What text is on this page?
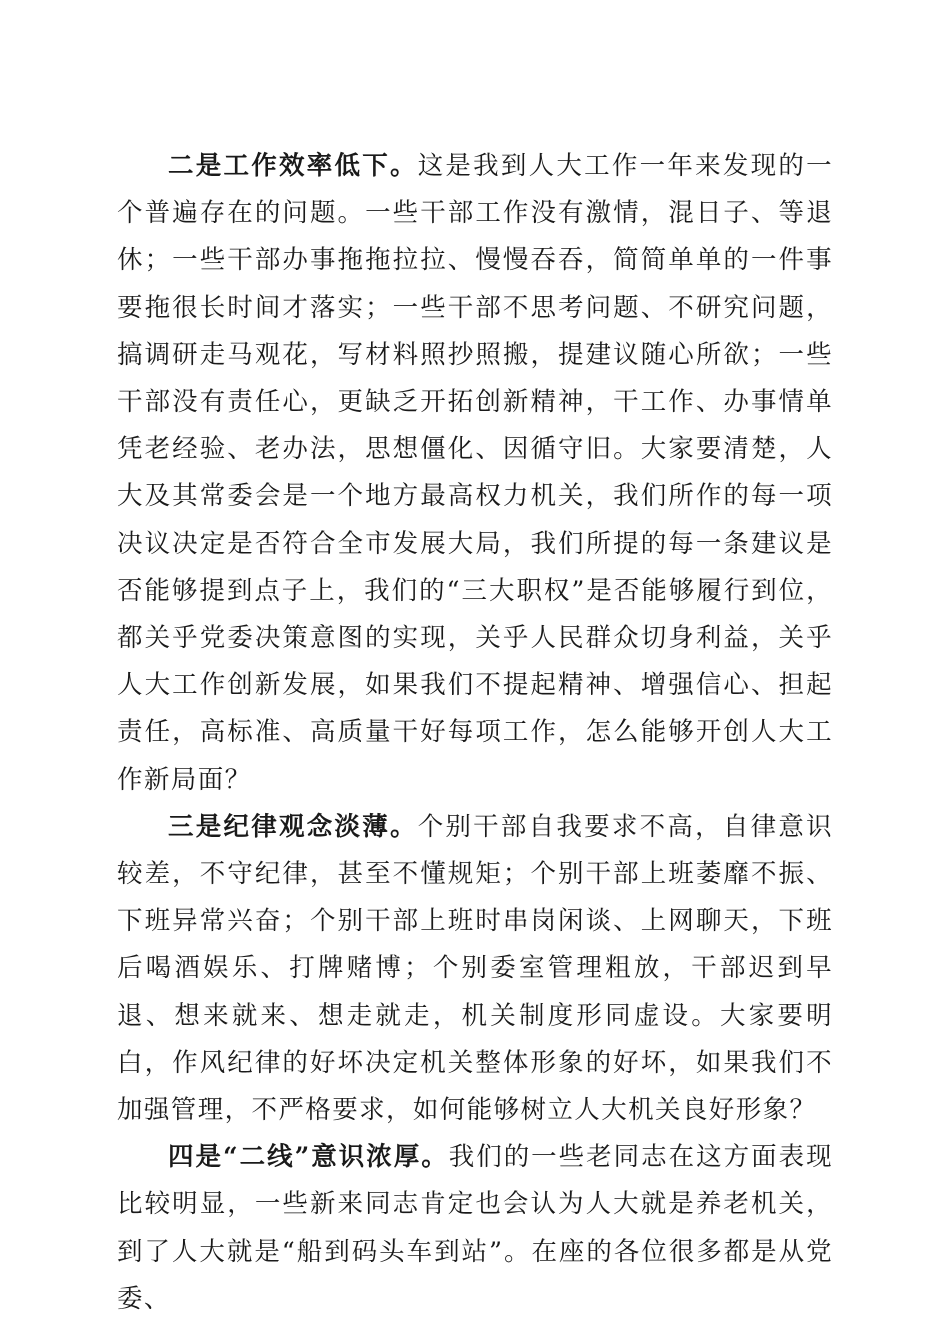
二是工作效率低下。这是我到人大工作一年来发现的一个普遍存在的问题。一些干部工作没有激情，混日子、等退休；一些干部办事拖拖拉拉、慢慢吞吞，简简单单的一件事要拖很长时间才落实；一些干部不思考问题、不研究问题，搞调研走马观花，写材料照抄照搬，提建议随心所欲；一些干部没有责任心，更缺乏开拓创新精神，干工作、办事情单凭老经验、老办法，思想僵化、因循守旧。大家要清楚，人大及其常委会是一个地方最高权力机关，我们所作的每一项决议决定是否符合全市发展大局，我们所提的每一条建议是否能够提到点子上，我们的“三大职权”是否能够履行到位，都关乎党委决策意图的实现，关乎人民群众切身利益，关乎人大工作创新发展，如果我们不提起精神、增强信心、担起责任，高标准、高质量干好每项工作，怎么能够开创人大工作新局面？

三是纪律观念淡薄。个别干部自我要求不高，自律意识较差，不守纪律，甚至不懂规矩；个别干部上班萎靡不振、下班异常兴奋；个别干部上班时串岗闲谈、上网聊天，下班后喝酒娱乐、打牌赌博；个别委室管理粗放，干部迟到早退、想来就来、想走就走，机关制度形同虚设。大家要明白，作风纪律的好坏决定机关整体形象的好坏，如果我们不加强管理，不严格要求，如何能够树立人大机关良好形象？

四是“二线”意识浓厚。我们的一些老同志在这方面表现比较明显，一些新来同志肯定也会认为人大就是养老机关，到了人大就是“船到码头车到站”。在座的各位很多都是从党委、
